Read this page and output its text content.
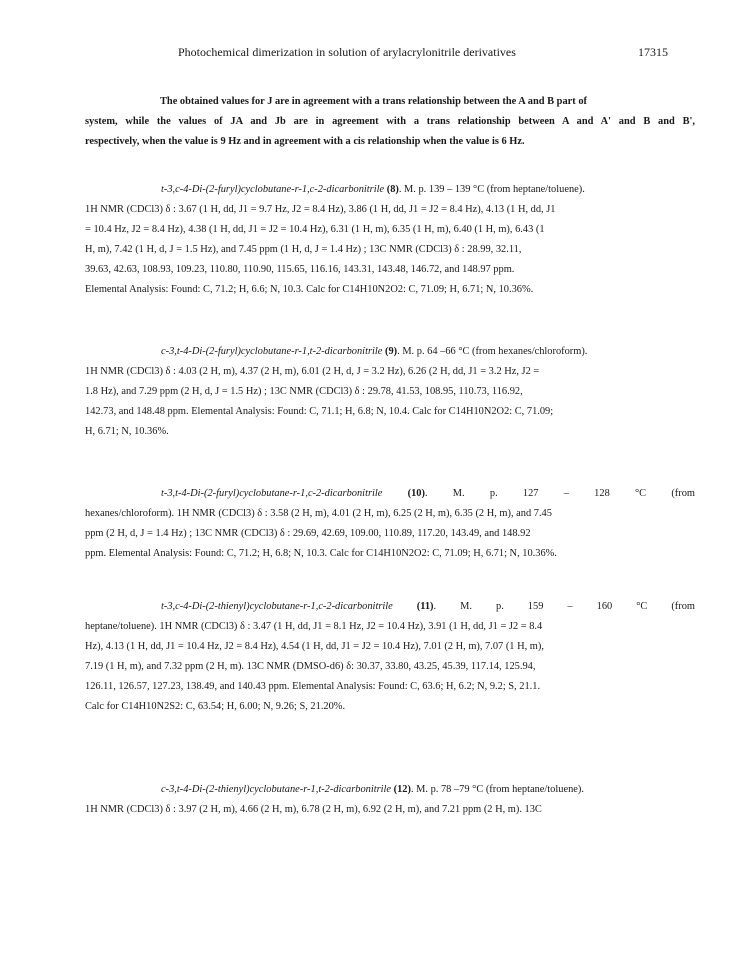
Photochemical dimerization in solution of arylacrylonitrile derivatives	17315
The obtained values for J are in agreement with a trans relationship between the A and B part of
system, while the values of JA and Jb are in agreement with a trans relationship between A and A' and B and B',
respectively, when the value is 9 Hz and in agreement with a cis relationship when the value is 6 Hz.
t-3,c-4-Di-(2-furyl)cyclobutane-r-1,c-2-dicarbonitrile (8). M. p. 139 – 139 °C (from heptane/toluene).
1H NMR (CDCl3) δ : 3.67 (1 H, dd, J1 = 9.7 Hz, J2 = 8.4 Hz), 3.86 (1 H, dd, J1 = J2 = 8.4 Hz), 4.13 (1 H, dd, J1
= 10.4 Hz, J2 = 8.4 Hz), 4.38 (1 H, dd, J1 = J2 = 10.4 Hz), 6.31 (1 H, m), 6.35 (1 H, m), 6.40 (1 H, m), 6.43 (1
H, m), 7.42 (1 H, d, J = 1.5 Hz), and 7.45 ppm (1 H, d, J = 1.4 Hz) ; 13C NMR (CDCl3) δ : 28.99, 32.11,
39.63, 42.63, 108.93, 109.23, 110.80, 110.90, 115.65, 116.16, 143.31, 143.48, 146.72, and 148.97 ppm.
Elemental Analysis: Found: C, 71.2; H, 6.6; N, 10.3. Calc for C14H10N2O2: C, 71.09; H, 6.71; N, 10.36%.
c-3,t-4-Di-(2-furyl)cyclobutane-r-1,t-2-dicarbonitrile (9). M. p. 64 –66 °C (from hexanes/chloroform).
1H NMR (CDCl3) δ : 4.03 (2 H, m), 4.37 (2 H, m), 6.01 (2 H, d, J = 3.2 Hz), 6.26 (2 H, dd, J1 = 3.2 Hz, J2 =
1.8 Hz), and 7.29 ppm (2 H, d, J = 1.5 Hz) ; 13C NMR (CDCl3) δ : 29.78, 41.53, 108.95, 110.73, 116.92,
142.73, and 148.48 ppm. Elemental Analysis: Found: C, 71.1; H, 6.8; N, 10.4. Calc for C14H10N2O2: C, 71.09;
H, 6.71; N, 10.36%.
t-3,t-4-Di-(2-furyl)cyclobutane-r-1,c-2-dicarbonitrile (10). M. p. 127 – 128 °C (from
hexanes/chloroform). 1H NMR (CDCl3) δ : 3.58 (2 H, m), 4.01 (2 H, m), 6.25 (2 H, m), 6.35 (2 H, m), and 7.45
ppm (2 H, d, J = 1.4 Hz) ; 13C NMR (CDCl3) δ : 29.69, 42.69, 109.00, 110.89, 117.20, 143.49, and 148.92
ppm. Elemental Analysis: Found: C, 71.2; H, 6.8; N, 10.3. Calc for C14H10N2O2: C, 71.09; H, 6.71; N, 10.36%.
t-3,c-4-Di-(2-thienyl)cyclobutane-r-1,c-2-dicarbonitrile (11). M. p. 159 – 160 °C (from
heptane/toluene). 1H NMR (CDCl3) δ : 3.47 (1 H, dd, J1 = 8.1 Hz, J2 = 10.4 Hz), 3.91 (1 H, dd, J1 = J2 = 8.4
Hz), 4.13 (1 H, dd, J1 = 10.4 Hz, J2 = 8.4 Hz), 4.54 (1 H, dd, J1 = J2 = 10.4 Hz), 7.01 (2 H, m), 7.07 (1 H, m),
7.19 (1 H, m), and 7.32 ppm (2 H, m). 13C NMR (DMSO-d6) δ: 30.37, 33.80, 43.25, 45.39, 117.14, 125.94,
126.11, 126.57, 127.23, 138.49, and 140.43 ppm. Elemental Analysis: Found: C, 63.6; H, 6.2; N, 9.2; S, 21.1.
Calc for C14H10N2S2: C, 63.54; H, 6.00; N, 9.26; S, 21.20%.
c-3,t-4-Di-(2-thienyl)cyclobutane-r-1,t-2-dicarbonitrile (12). M. p. 78 –79 °C (from heptane/toluene).
1H NMR (CDCl3) δ : 3.97 (2 H, m), 4.66 (2 H, m), 6.78 (2 H, m), 6.92 (2 H, m), and 7.21 ppm (2 H, m). 13C
